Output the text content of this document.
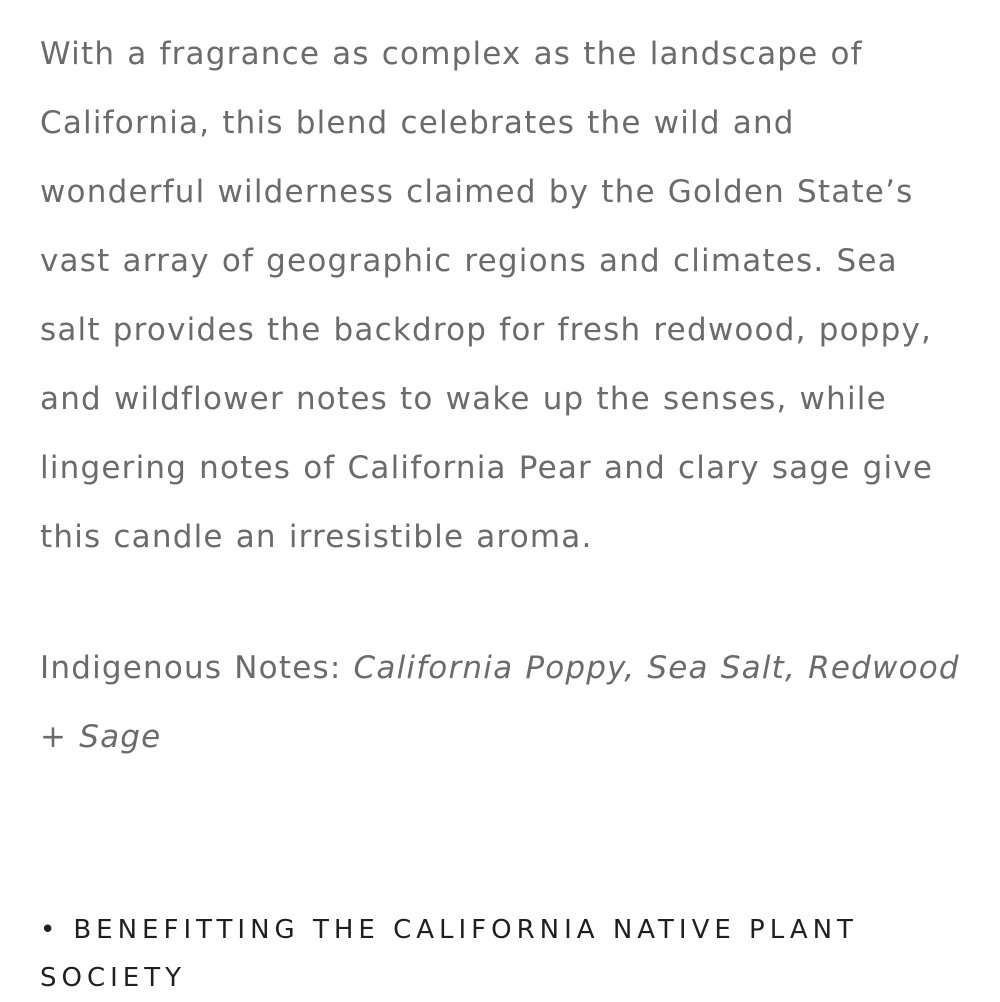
With a fragrance as complex as the landscape of California, this blend celebrates the wild and wonderful wilderness claimed by the Golden State’s vast array of geographic regions and climates. Sea salt provides the backdrop for fresh redwood, poppy, and wildflower notes to wake up the senses, while lingering notes of California Pear and clary sage give this candle an irresistible aroma.

Indigenous Notes: California Poppy, Sea Salt, Redwood + Sage

• BENEFITTING THE CALIFORNIA NATIVE PLANT SOCIETY
